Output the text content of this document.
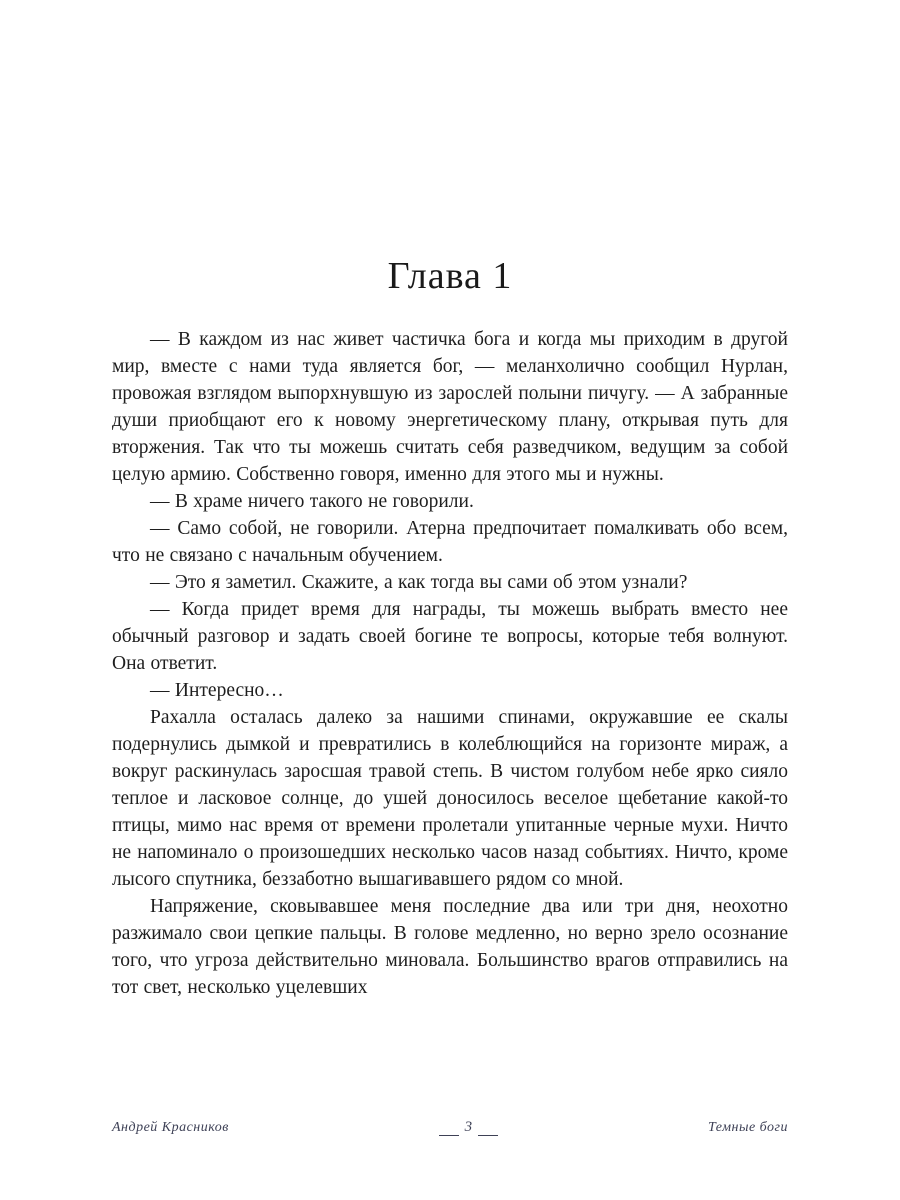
Глава 1

— В каждом из нас живет частичка бога и когда мы приходим в другой мир, вместе с нами туда является бог, — меланхолично сообщил Нурлан, провожая взглядом выпорхнувшую из зарослей полыни пичугу. — А забранные души приобщают его к новому энергетическому плану, открывая путь для вторжения. Так что ты можешь считать себя разведчиком, ведущим за собой целую армию. Собственно говоря, именно для этого мы и нужны.

— В храме ничего такого не говорили.

— Само собой, не говорили. Атерна предпочитает помалкивать обо всем, что не связано с начальным обучением.

— Это я заметил. Скажите, а как тогда вы сами об этом узнали?

— Когда придет время для награды, ты можешь выбрать вместо нее обычный разговор и задать своей богине те вопросы, которые тебя волнуют. Она ответит.

— Интересно…

Рахалла осталась далеко за нашими спинами, окружавшие ее скалы подернулись дымкой и превратились в колеблющийся на горизонте мираж, а вокруг раскинулась заросшая травой степь. В чистом голубом небе ярко сияло теплое и ласковое солнце, до ушей доносилось веселое щебетание какой-то птицы, мимо нас время от времени пролетали упитанные черные мухи. Ничто не напоминало о произошедших несколько часов назад событиях. Ничто, кроме лысого спутника, беззаботно вышагивавшего рядом со мной.

Напряжение, сковывавшее меня последние два или три дня, неохотно разжимало свои цепкие пальцы. В голове медленно, но верно зрело осознание того, что угроза действительно миновала. Большинство врагов отправились на тот свет, несколько уцелевших

Андрей Красников	3	Темные боги
